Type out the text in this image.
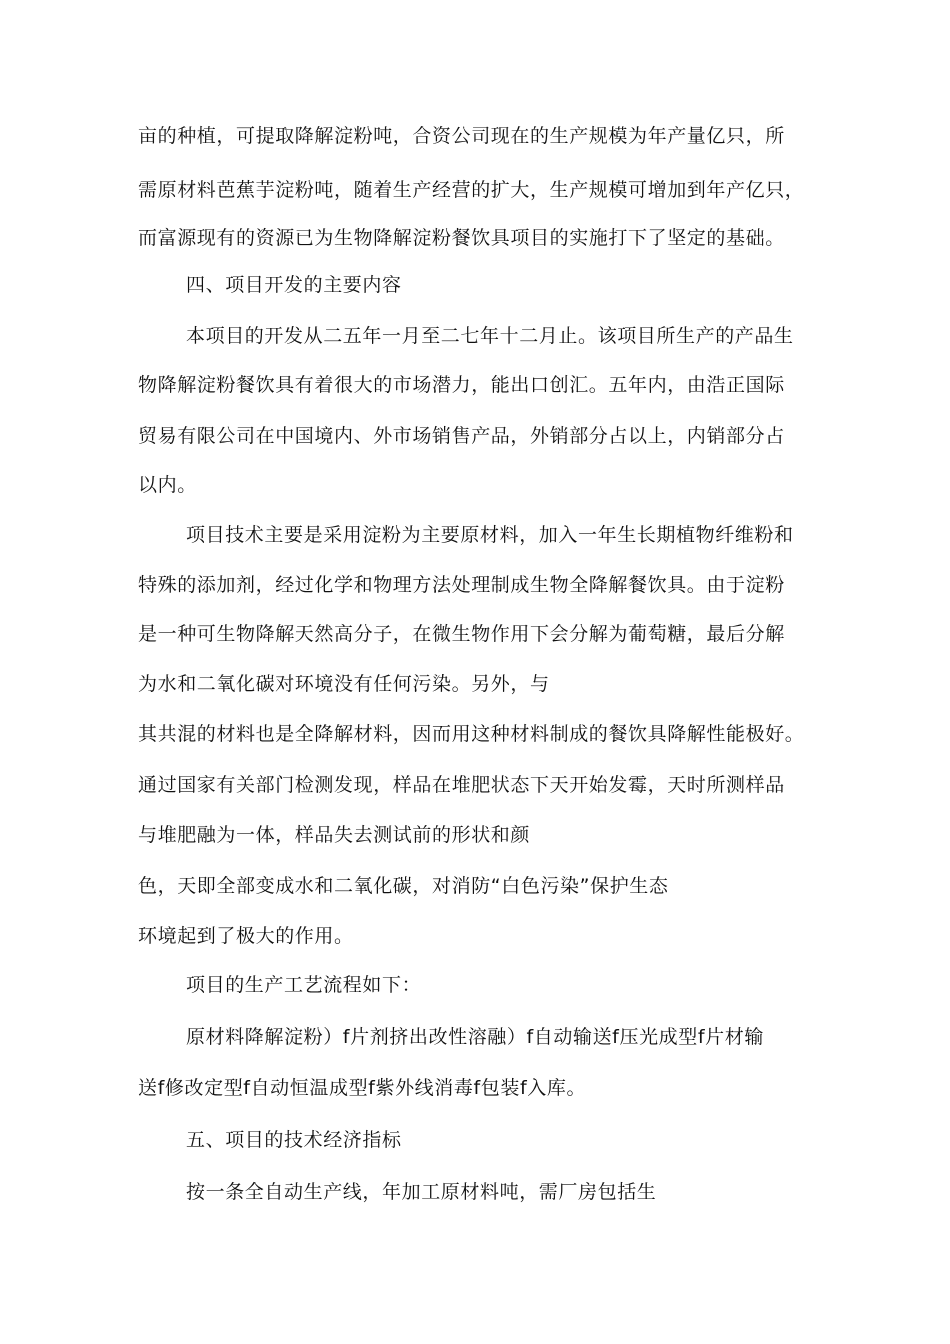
亩的种植，可提取降解淀粉吨，合资公司现在的生产规模为年产量亿只，所
需原材料芭蕉芋淀粉吨，随着生产经营的扩大，生产规模可增加到年产亿只，
而富源现有的资源已为生物降解淀粉餐饮具项目的实施打下了坚定的基础。
四、项目开发的主要内容
本项目的开发从二五年一月至二七年十二月止。该项目所生产的产品生
物降解淀粉餐饮具有着很大的市场潜力，能出口创汇。五年内，由浩正国际
贸易有限公司在中国境内、外市场销售产品，外销部分占以上，内销部分占
以内。
项目技术主要是采用淀粉为主要原材料，加入一年生长期植物纤维粉和
特殊的添加剂，经过化学和物理方法处理制成生物全降解餐饮具。由于淀粉
是一种可生物降解天然高分子，在微生物作用下会分解为葡萄糖，最后分解
为水和二氧化碳对环境没有任何污染。另外，与
其共混的材料也是全降解材料，因而用这种材料制成的餐饮具降解性能极好。
通过国家有关部门检测发现，样品在堆肥状态下天开始发霉，天时所测样品
与堆肥融为一体，样品失去测试前的形状和颜
色，天即全部变成水和二氧化碳，对消防“白色污染”保护生态
环境起到了极大的作用。
项目的生产工艺流程如下：
原材料降解淀粉）f片剂挤出改性溶融）f自动输送f压光成型f片材输
送f修改定型f自动恒温成型f紫外线消毒f包装f入库。
五、项目的技术经济指标
按一条全自动生产线，年加工原材料吨，需厂房包括生
